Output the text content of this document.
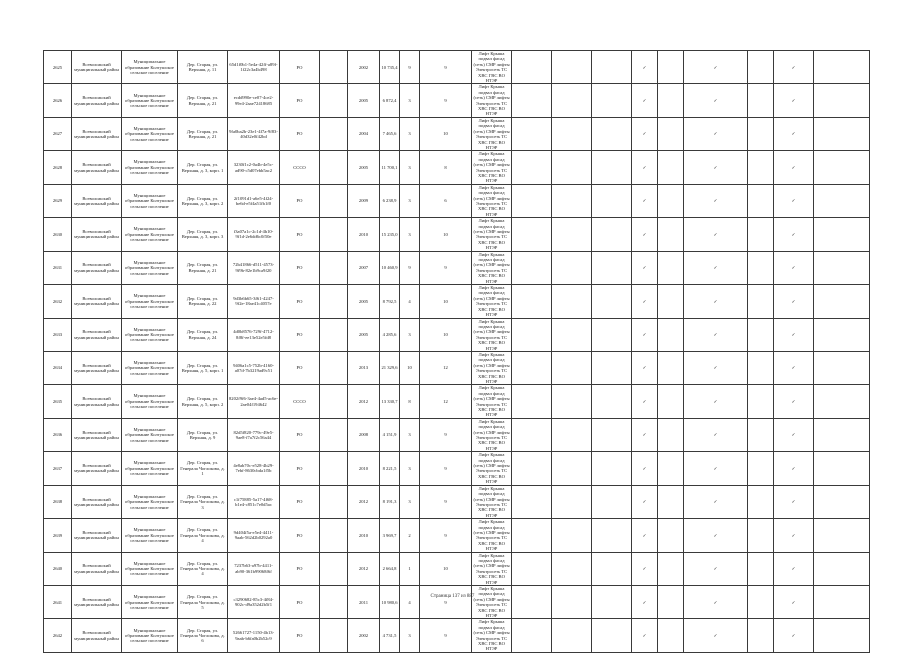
2625	Всеволожский муниципальный район	Муниципальное образование Колтушское сельское поселение	Дер. Старая, ул. Верхняя, д. 11	65d1f0b1-5e4a-42ff-a89f-1f22c3a4b498	РО		2002	10 735,4	9	9	Лифт Крыша подвал фасад (сеть) СМР лифты Электросеть ТС ХВС ГВС ВО НТЭР				✓		✓		✓	
2626	Всеволожский муниципальный район	Муниципальное образование Колтушское сельское поселение	Дер. Старая, ул. Верхняя, д. 21	ecdd990e-ce07-4ce2-99e4-2aae72418685	РО		2005	6 872,4	3	9	Лифт Крыша подвал фасад (сеть) СМР лифты Электросеть ТС ХВС ГВС ВО НТЭР				✓		✓		✓	
2627	Всеволожский муниципальный район	Муниципальное образование Колтушское сельское поселение	Дер. Старая, ул. Верхняя, д. 21	9fa0ba2b-23e1-4f7a-9f83-40d32e0f42bd	РО		2004	7 465,6	3	10	Лифт Крыша подвал фасад (сеть) СМР лифты Электросеть ТС ХВС ГВС ВО НТЭР				✓		✓		✓	
2628	Всеволожский муниципальный район	Муниципальное образование Колтушское сельское поселение	Дер. Старая, ул. Верхняя, д. 3, корп. 1	3230f1c2-0a4b-4e5c-ad90-c5d07ebb5ac2	СССО		2005	11 700,1	3	8	Лифт Крыша подвал фасад (сеть) СМР лифты Электросеть ТС ХВС ГВС ВО НТЭР				✓		✓		✓	
2629	Всеволожский муниципальный район	Муниципальное образование Колтушское сельское поселение	Дер. Старая, ул. Верхняя, д. 3, корп. 2	2f1091d1-a6e5-4f24-be6d-e5f4a51fb1f0	РО		2009	6 238,9	3	6	Лифт Крыша подвал фасад (сеть) СМР лифты Электросеть ТС ХВС ГВС ВО НТЭР				✓		✓		✓	
2630	Всеволожский муниципальный район	Муниципальное образование Колтушское сельское поселение	Дер. Старая, ул. Верхняя, д. 3, корп. 3	f3a07a1c-2c1d-4b10-9f1d-2e6dd6c0f50e	РО		2010	15 235,0	3	10	Лифт Крыша подвал фасад (сеть) СМР лифты Электросеть ТС ХВС ГВС ВО НТЭР				✓		✓		✓	
2631	Всеволожский муниципальный район	Муниципальное образование Колтушское сельское поселение	Дер. Старая, ул. Верхняя, д. 21	72b41866-d511-4573-9f9b-82e1b9ca9f20	РО		2007	10 460,9	9	9	Лифт Крыша подвал фасад (сеть) СМР лифты Электросеть ТС ХВС ГВС ВО НТЭР				✓		✓		✓	
2632	Всеволожский муниципальный район	Муниципальное образование Колтушское сельское поселение	Дер. Старая, ул. Верхняя, д. 22	9d3b6b65-3f61-4247-9f2e-18ae41c4057e	РО		2005	8 792,5	4	10	Лифт Крыша подвал фасад (сеть) СМР лифты Электросеть ТС ХВС ГВС ВО НТЭР				✓		✓		✓	
2633	Всеволожский муниципальный район	Муниципальное образование Колтушское сельское поселение	Дер. Старая, ул. Верхняя, д. 24	4d0b8576-729f-4712-8f8f-ee13e52e5fd8	РО		2005	4 285,6	3	10	Лифт Крыша подвал фасад (сеть) СМР лифты Электросеть ТС ХВС ГВС ВО НТЭР				✓		✓		✓	
2634	Всеволожский муниципальный район	Муниципальное образование Колтушское сельское поселение	Дер. Старая, ул. Верхняя, д. 5, корп. 1	9406a1c5-752b-4160-a07d-7b3219ad9c51	РО		2013	21 329,6	10	12	Лифт Крыша подвал фасад (сеть) СМР лифты Электросеть ТС ХВС ГВС ВО НТЭР				✓		✓		✓	
2635	Всеволожский муниципальный район	Муниципальное образование Колтушское сельское поселение	Дер. Старая, ул. Верхняя, д. 5, корп. 2	8202f9f6-3ae4-4ad5-ac6e-2ae04f194642	СССО		2012	13 330,7	8	12	Лифт Крыша подвал фасад (сеть) СМР лифты Электросеть ТС ХВС ГВС ВО НТЭР				✓		✓		✓	
2636	Всеволожский муниципальный район	Муниципальное образование Колтушское сельское поселение	Дер. Старая, ул. Верхняя, д. 9	82d5f820-779c-49e5-9ae8-f7a7f2c56a44	РО		2008	4 151,9	3	9	Лифт Крыша подвал фасад (сеть) СМР лифты Электросеть ТС ХВС ГВС ВО НТЭР				✓		✓		✓	
2637	Всеволожский муниципальный район	Муниципальное образование Колтушское сельское поселение	Дер. Старая, ул. Генерала Чоглокова, д. 1	4e8ab70c-e528-4b29-7ebf-8630cbda1f5b	РО		2010	8 221,5	3	9	Лифт Крыша подвал фасад (сеть) СМР лифты Электросеть ТС ХВС ГВС ВО НТЭР				✓		✓		✓	
2638	Всеволожский муниципальный район	Муниципальное образование Колтушское сельское поселение	Дер. Старая, ул. Генерала Чоглокова, д. 3	c1f75885-5a17-4f68-b1e4-c851c7e0d5ac	РО		2012	8 191,3	3	9	Лифт Крыша подвал фасад (сеть) СМР лифты Электросеть ТС ХВС ГВС ВО НТЭР				✓		✓		✓	
2639	Всеволожский муниципальный район	Муниципальное образование Колтушское сельское поселение	Дер. Старая, ул. Генерала Чоглокова, д. 4	9d404f5a-e5e4-4411-9aab-562d2b0292a0	РО		2010	3 969,7	2	9	Лифт Крыша подвал фасад (сеть) СМР лифты Электросеть ТС ХВС ГВС ВО НТЭР				✓		✓		✓	
2640	Всеволожский муниципальный район	Муниципальное образование Колтушское сельское поселение	Дер. Старая, ул. Генерала Чоглокова, д. 4	7237b63-a97b-4411-ab90-361b99068f6f	РО		2012	2 664,8	1	10	Лифт Крыша подвал фасад (сеть) СМР лифты Электросеть ТС ХВС ГВС ВО НТЭР				✓		✓		✓	
2641	Всеволожский муниципальный район	Муниципальное образование Колтушское сельское поселение	Дер. Старая, ул. Генерала Чоглокова, д. 5	c3290682-85c3-4f84-902c-d9a352d2b5f1	РО		2011	10 980,6	4	9	Лифт Крыша подвал фасад (сеть) СМР лифты Электросеть ТС ХВС ГВС ВО НТЭР				✓		✓		✓	
2642	Всеволожский муниципальный район	Муниципальное образование Колтушское сельское поселение	Дер. Старая, ул. Генерала Чоглокова, д. 6	52661727-1150-4b13-9aab-b6fa0b2b52c9	РО		2002	4 731,5	3	9	Лифт Крыша подвал фасад (сеть) СМР лифты Электросеть ТС ХВС ГВС ВО НТЭР				✓		✓		✓	
Страница 137 из 887
